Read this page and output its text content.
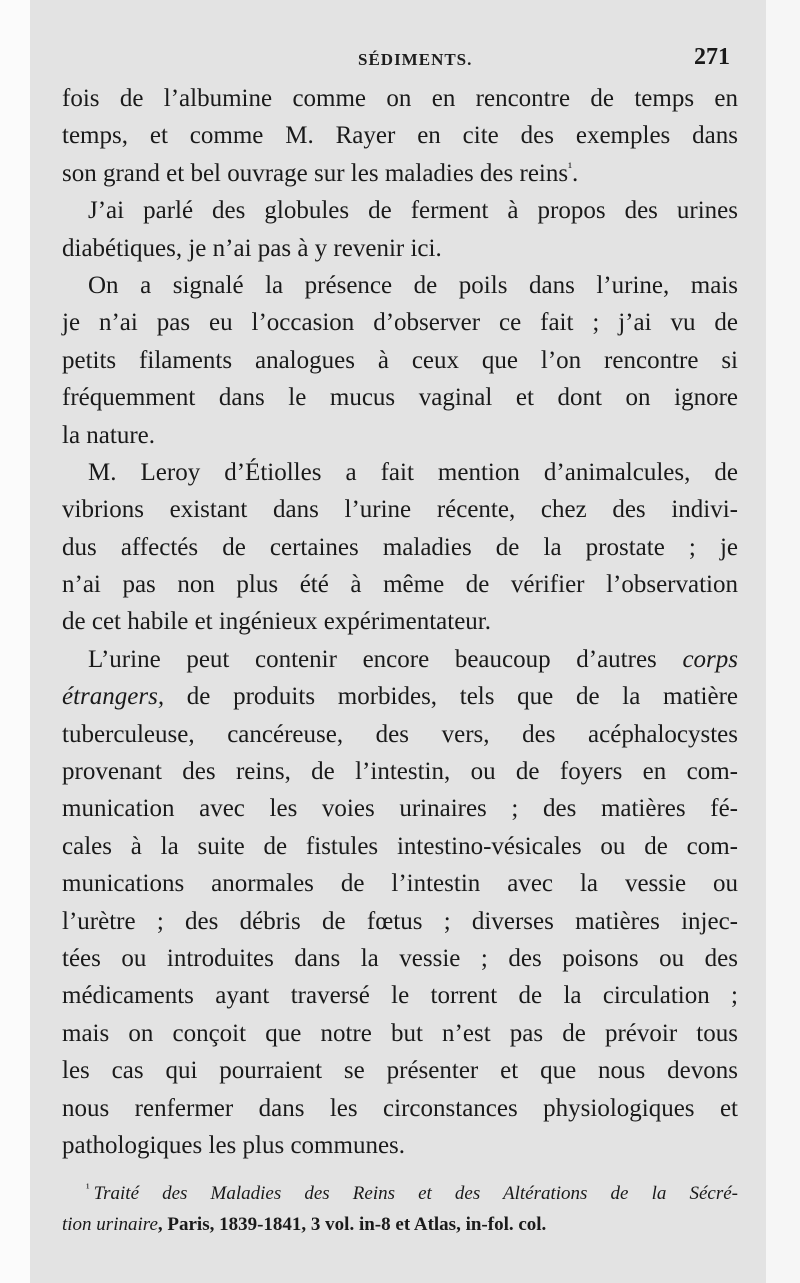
SÉDIMENTS.	271
fois de l’albumine comme on en rencontre de temps en
temps, et comme M. Rayer en cite des exemples dans
son grand et bel ouvrage sur les maladies des reins$^{^1}$.
J’ai parlé des globules de ferment à propos des urines
diabétiques, je n’ai pas à y revenir ici.
On a signalé la présence de poils dans l’urine, mais
je n’ai pas eu l’occasion d’observer ce fait ; j’ai vu de
petits filaments analogues à ceux que l’on rencontre si
fréquemment dans le mucus vaginal et dont on ignore
la nature.
M. Leroy d’Étiolles a fait mention d’animalcules, de
vibrions existant dans l’urine récente, chez des indivi-
dus affectés de certaines maladies de la prostate ; je
n’ai pas non plus été à même de vérifier l’observation
de cet habile et ingénieux expérimentateur.
L’urine peut contenir encore beaucoup d’autres corps
étrangers, de produits morbides, tels que de la matière
tuberculeuse, cancéreuse, des vers, des acéphalocystes
provenant des reins, de l’intestin, ou de foyers en com-
munication avec les voies urinaires ; des matières fé-
cales à la suite de fistules intestino-vésicales ou de com-
munications anormales de l’intestin avec la vessie ou
l’urètre ; des débris de fœtus ; diverses matières injec-
tées ou introduites dans la vessie ; des poisons ou des
médicaments ayant traversé le torrent de la circulation ;
mais on conçoit que notre but n’est pas de prévoir tous
les cas qui pourraient se présenter et que nous devons
nous renfermer dans les circonstances physiologiques et
pathologiques les plus communes.
$^{^1}$ Traité des Maladies des Reins et des Altérations de la Sécré-
tion urinaire, Paris, 1839-1841, 3 vol. in-8 et Atlas, in-fol. col.
